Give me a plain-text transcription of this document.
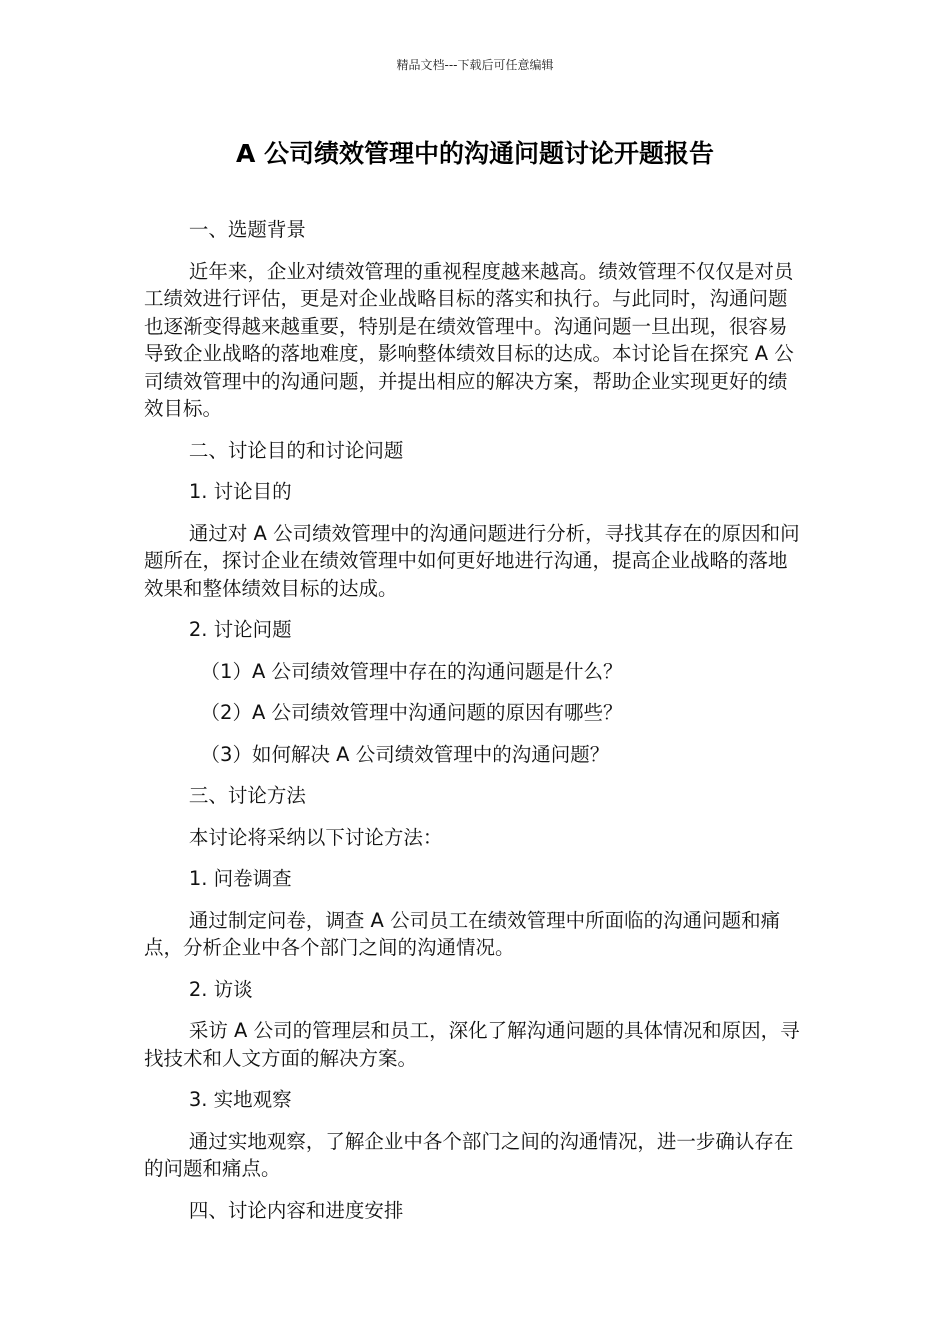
精品文档---下载后可任意编辑
A 公司绩效管理中的沟通问题讨论开题报告
一、选题背景
近年来，企业对绩效管理的重视程度越来越高。绩效管理不仅仅是对员工绩效进行评估，更是对企业战略目标的落实和执行。与此同时，沟通问题也逐渐变得越来越重要，特别是在绩效管理中。沟通问题一旦出现，很容易导致企业战略的落地难度，影响整体绩效目标的达成。本讨论旨在探究 A 公司绩效管理中的沟通问题，并提出相应的解决方案，帮助企业实现更好的绩效目标。
二、讨论目的和讨论问题
1. 讨论目的
通过对 A 公司绩效管理中的沟通问题进行分析，寻找其存在的原因和问题所在，探讨企业在绩效管理中如何更好地进行沟通，提高企业战略的落地效果和整体绩效目标的达成。
2. 讨论问题
（1）A 公司绩效管理中存在的沟通问题是什么？
（2）A 公司绩效管理中沟通问题的原因有哪些？
（3）如何解决 A 公司绩效管理中的沟通问题？
三、讨论方法
本讨论将采纳以下讨论方法：
1. 问卷调查
通过制定问卷，调查 A 公司员工在绩效管理中所面临的沟通问题和痛点，分析企业中各个部门之间的沟通情况。
2. 访谈
采访 A 公司的管理层和员工，深化了解沟通问题的具体情况和原因，寻找技术和人文方面的解决方案。
3. 实地观察
通过实地观察，了解企业中各个部门之间的沟通情况，进一步确认存在的问题和痛点。
四、讨论内容和进度安排
